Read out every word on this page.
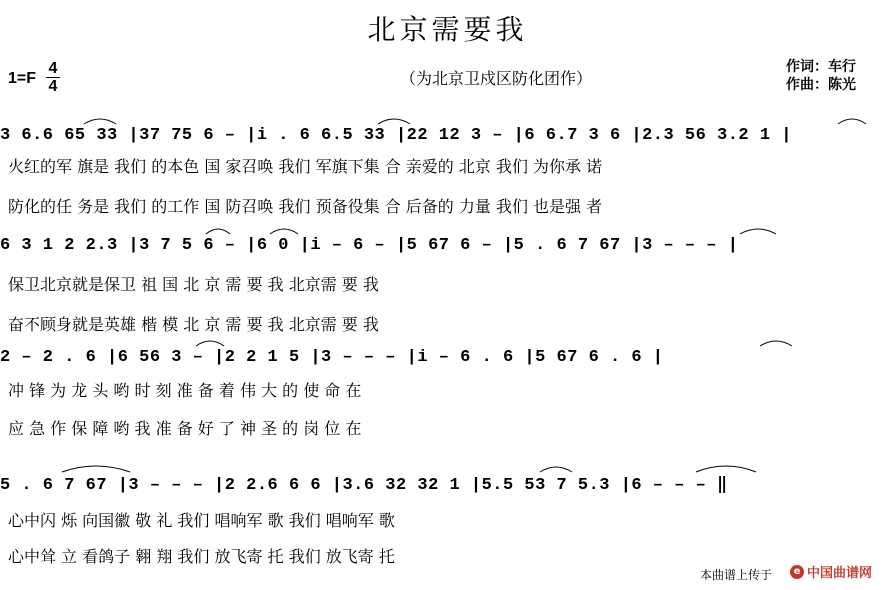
北京需要我
1=F
4
4	（为北京卫戍区防化团作）
作词：车行
作曲：陈光
3 6.6 65 33 |37 75 6 – |i . 6 6.5 33 |22 12 3 – |6 6.7 3 6 |2.3 56 3.2 1 |
火红的军 旗是 我们 的本色 国 家召唤 我们 军旗下集 合 亲爱的 北京 我们 为你承 诺
防化的任 务是 我们 的工作 国 防召唤 我们 预备役集 合 后备的 力量 我们 也是强 者
6 3 1 2 2.3 |3 7 5 6 – |6 0 |i – 6 – |5 67 6 – |5 . 6 7 67 |3 – – – |
保卫北京就是保卫 祖 国 北 京 需 要 我 北京需 要 我
奋不顾身就是英雄 楷 模 北 京 需 要 我 北京需 要 我
2 – 2 . 6 |6 56 3 – |2 2 1 5 |3 – – – |i – 6 . 6 |5 67 6 . 6 |
冲 锋 为 龙 头 哟 时 刻 准 备 着 伟 大 的 使 命 在
应 急 作 保 障 哟 我 准 备 好 了 神 圣 的 岗 位 在
5 . 6 7 67 |3 – – – |2 2.6 6 6 |3.6 32 32 1 |5.5 53 7 5.3 |6 – – – ‖
心中闪 烁 向国徽 敬 礼 我们 唱响军 歌 我们 唱响军 歌
心中耸 立 看鸽子 翱 翔 我们 放飞寄 托 我们 放飞寄 托
本曲谱上传于	e 中国曲谱网
